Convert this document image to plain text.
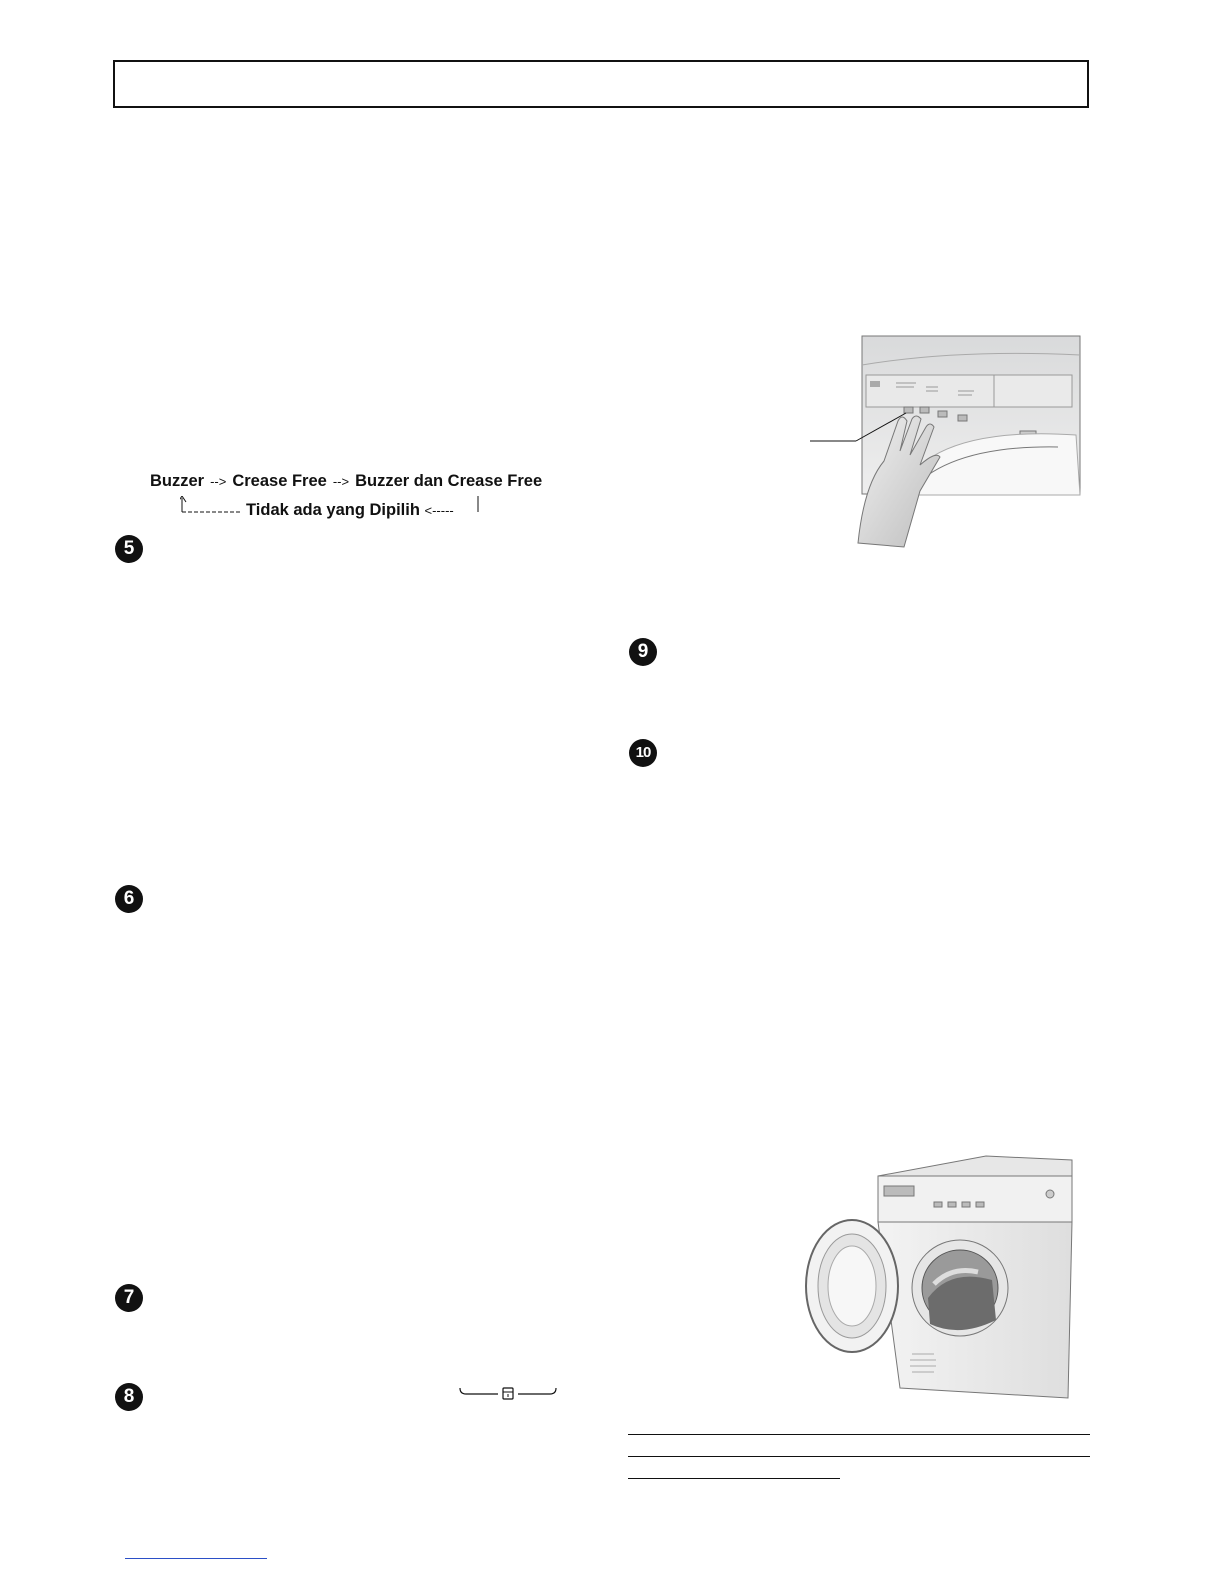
Buzzer --> Crease Free --> Buzzer dan Crease Free
Tidak ada yang Dipilih <-----
5
6
7
8
9
10
